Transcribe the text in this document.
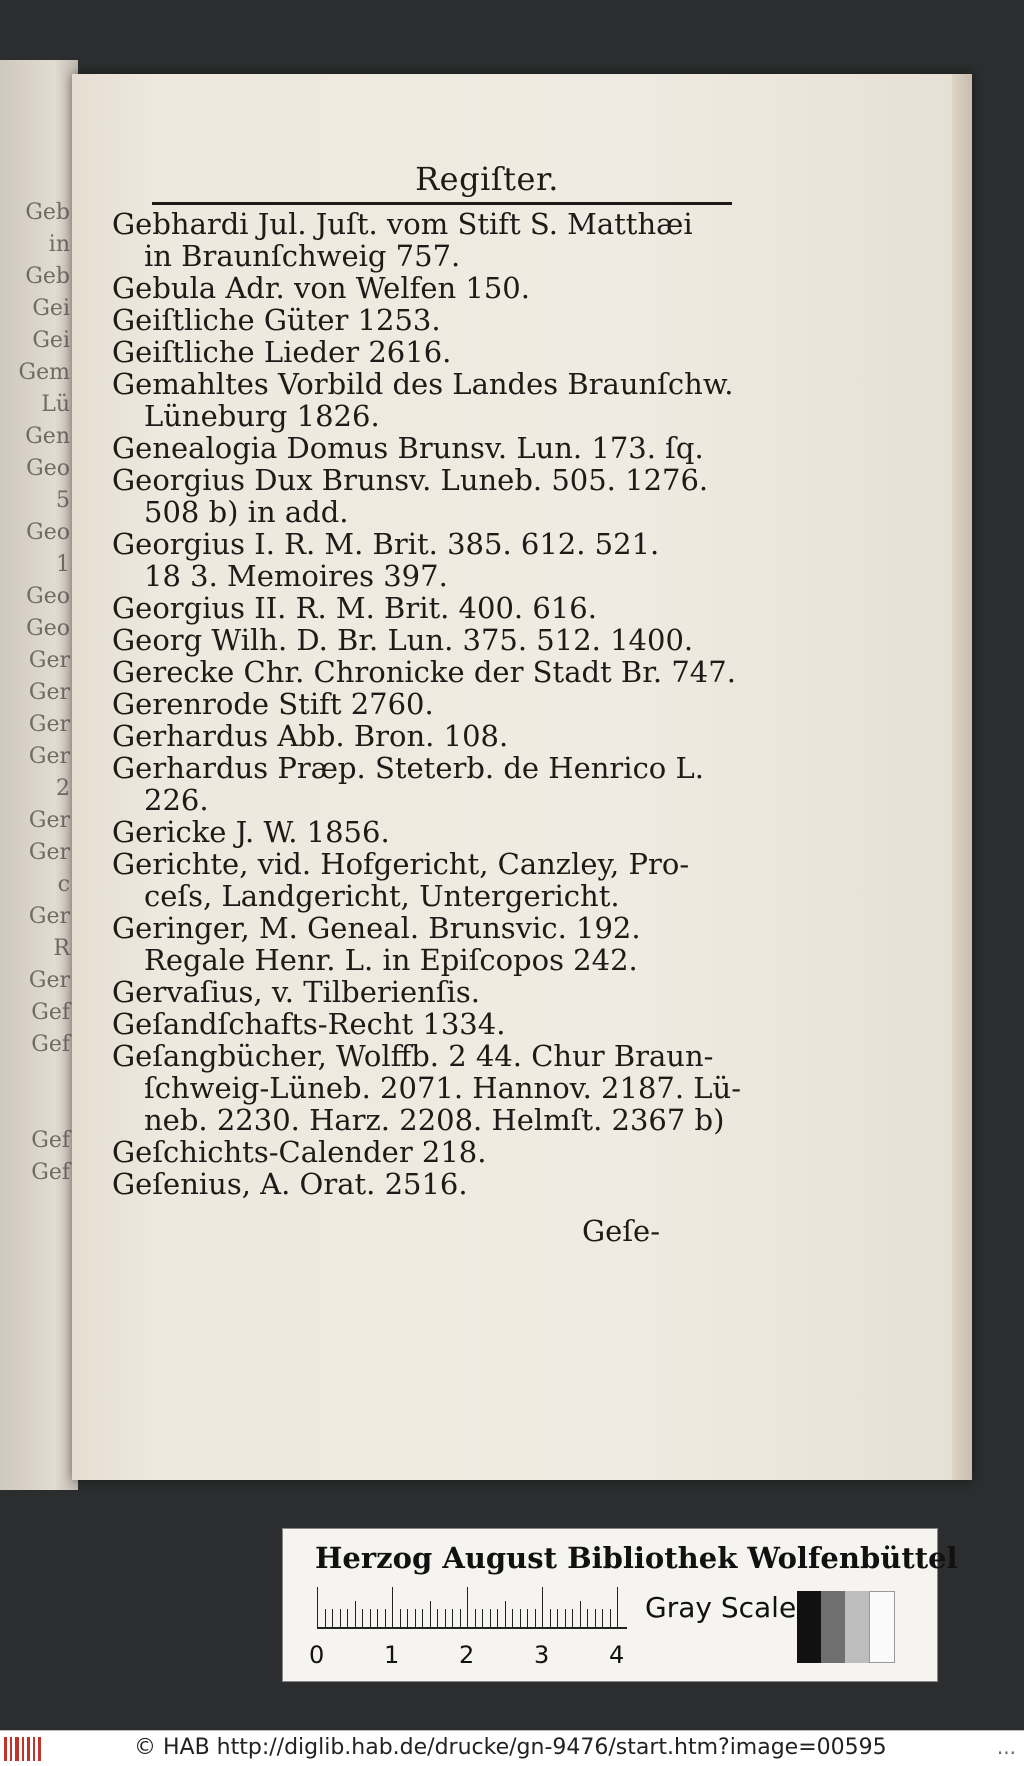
Geb
in
Geb
Gei
Gei
Gem
Lü
Gen
Geo
5
Geo
1
Geo
Geo
Ger
Ger
Ger
Ger
2
Ger
Ger
c
Ger
R
Ger
Gef
Gef
Gef
Gef
Regiſter.
Gebhardi Jul. Juſt. vom Stift S. Matthæi
in Braunſchweig 757.
Gebula Adr. von Welfen 150.
Geiſtliche Güter 1253.
Geiſtliche Lieder 2616.
Gemahltes Vorbild des Landes Braunſchw.
Lüneburg 1826.
Genealogia Domus Brunsv. Lun. 173. ſq.
Georgius Dux Brunsv. Luneb. 505. 1276.
508 b) in add.
Georgius I. R. M. Brit. 385. 612. 521.
18 3. Memoires 397.
Georgius II. R. M. Brit. 400. 616.
Georg Wilh. D. Br. Lun. 375. 512. 1400.
Gerecke Chr. Chronicke der Stadt Br. 747.
Gerenrode Stift 2760.
Gerhardus Abb. Bron. 108.
Gerhardus Præp. Steterb. de Henrico L.
226.
Gericke J. W. 1856.
Gerichte, vid. Hofgericht, Canzley, Pro-
ceſs, Landgericht, Untergericht.
Geringer, M. Geneal. Brunsvic. 192.
Regale Henr. L. in Epiſcopos 242.
Gervaſius, v. Tilberienſis.
Geſandſchafts-Recht 1334.
Geſangbücher, Wolffb. 2 44. Chur Braun-
ſchweig-Lüneb. 2071. Hannov. 2187. Lü-
neb. 2230. Harz. 2208. Helmſt. 2367 b)
Geſchichts-Calender 218.
Geſenius, A. Orat. 2516.
Geſe-
Herzog August Bibliothek Wolfenbüttel
0 1 2 3 4
Gray Scale
© HAB http://diglib.hab.de/drucke/gn-9476/start.htm?image=00595	...
